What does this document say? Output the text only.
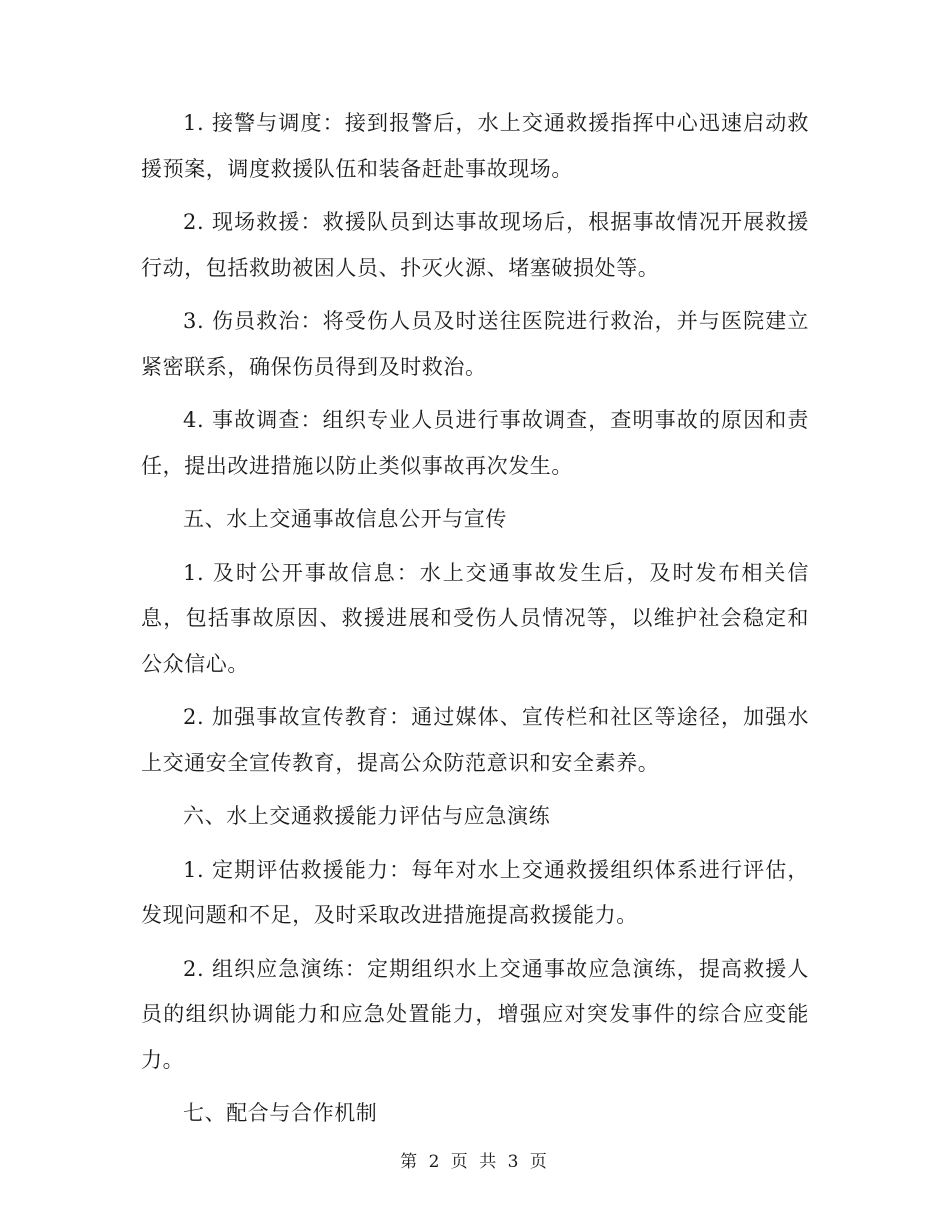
1. 接警与调度：接到报警后，水上交通救援指挥中心迅速启动救援预案，调度救援队伍和装备赶赴事故现场。

2. 现场救援：救援队员到达事故现场后，根据事故情况开展救援行动，包括救助被困人员、扑灭火源、堵塞破损处等。

3. 伤员救治：将受伤人员及时送往医院进行救治，并与医院建立紧密联系，确保伤员得到及时救治。

4. 事故调查：组织专业人员进行事故调查，查明事故的原因和责任，提出改进措施以防止类似事故再次发生。

五、水上交通事故信息公开与宣传

1. 及时公开事故信息：水上交通事故发生后，及时发布相关信息，包括事故原因、救援进展和受伤人员情况等，以维护社会稳定和公众信心。

2. 加强事故宣传教育：通过媒体、宣传栏和社区等途径，加强水上交通安全宣传教育，提高公众防范意识和安全素养。

六、水上交通救援能力评估与应急演练

1. 定期评估救援能力：每年对水上交通救援组织体系进行评估，发现问题和不足，及时采取改进措施提高救援能力。

2. 组织应急演练：定期组织水上交通事故应急演练，提高救援人员的组织协调能力和应急处置能力，增强应对突发事件的综合应变能力。

七、配合与合作机制

第 2 页 共 3 页
